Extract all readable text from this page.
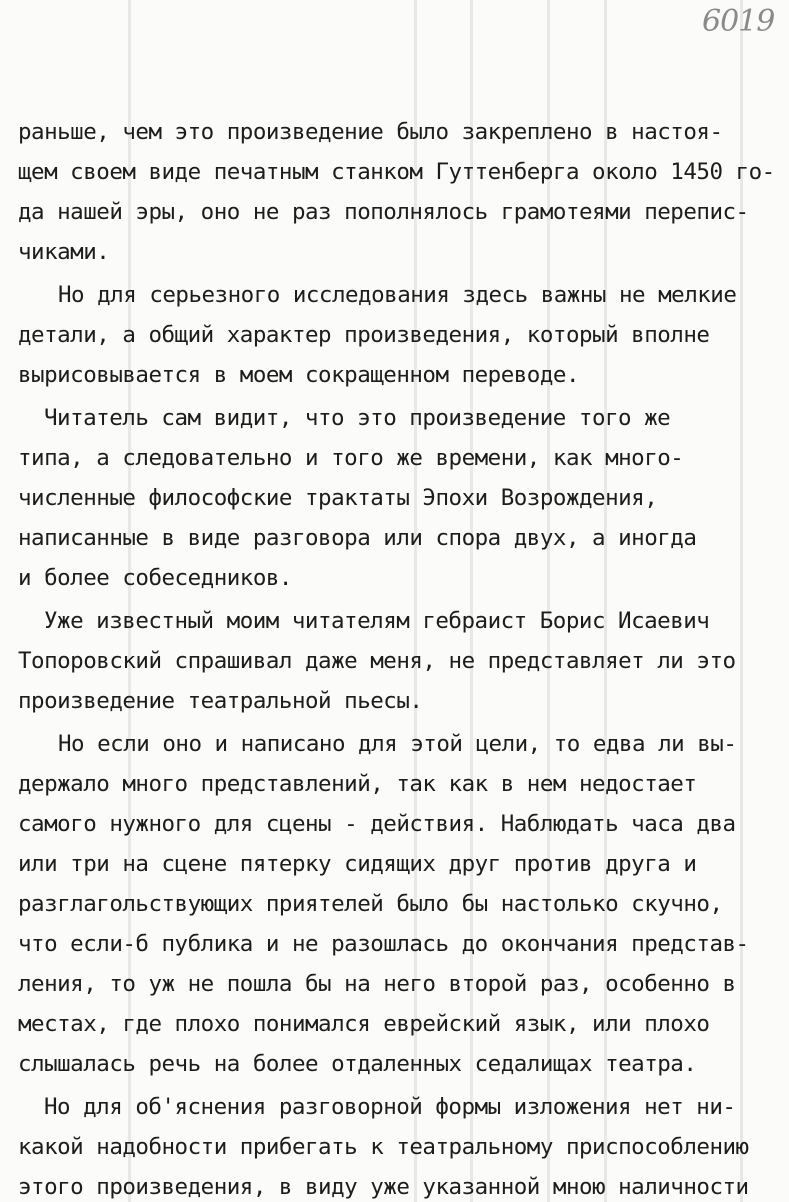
6019
раньше, чем это произведение было закреплено в настоя-
щем своем виде печатным станком Гуттенберга около 1450 го-
да нашей эры, оно не раз пополнялось грамотеями перепис-
чиками.
Но для серьезного исследования здесь важны не мелкие
детали, а общий характер произведения, который вполне
вырисовывается в моем сокращенном переводе.
Читатель сам видит, что это произведение того же
типа, а следовательно и того же времени, как много-
численные философские трактаты Эпохи Возрождения,
написанные в виде разговора или спора двух, а иногда
и более собеседников.
Уже известный моим читателям гебраист Борис Исаевич
Топоровский спрашивал даже меня, не представляет ли это
произведение театральной пьесы.
Но если оно и написано для этой цели, то едва ли вы-
держало много представлений, так как в нем недостает
самого нужного для сцены - действия. Наблюдать часа два
или три на сцене пятерку сидящих друг против друга и
разглагольствующих приятелей было бы настолько скучно,
что если-б публика и не разошлась до окончания представ-
ления, то уж не пошла бы на него второй раз, особенно в
местах, где плохо понимался еврейский язык, или плохо
слышалась речь на более отдаленных седалищах театра.
Но для об'яснения разговорной формы изложения нет ни-
какой надобности прибегать к театральному приспособлению
этого произведения, в виду уже указанной мною наличности
